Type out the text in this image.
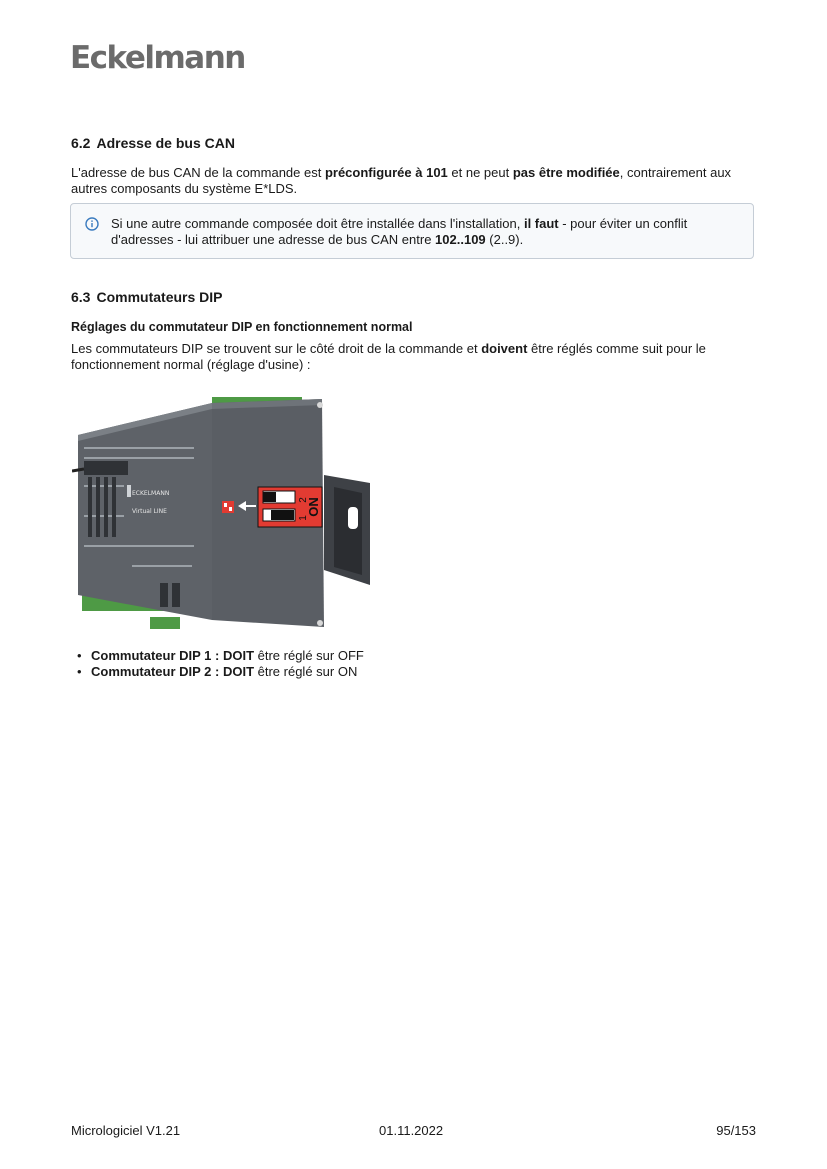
Eckelmann
6.2 Adresse de bus CAN
L'adresse de bus CAN de la commande est préconfigurée à 101 et ne peut pas être modifiée, contrairement aux autres composants du système E*LDS.
Si une autre commande composée doit être installée dans l'installation, il faut - pour éviter un conflit d'adresses - lui attribuer une adresse de bus CAN entre 102..109 (2..9).
6.3 Commutateurs DIP
Réglages du commutateur DIP en fonctionnement normal
Les commutateurs DIP se trouvent sur le côté droit de la commande et doivent être réglés comme suit pour le fonctionnement normal (réglage d'usine) :
ECKELMANN
Virtual LINE
2
1
ON
• Commutateur DIP 1 : DOIT être réglé sur OFF
• Commutateur DIP 2 : DOIT être réglé sur ON
Micrologiciel V1.21	01.11.2022	95/153
